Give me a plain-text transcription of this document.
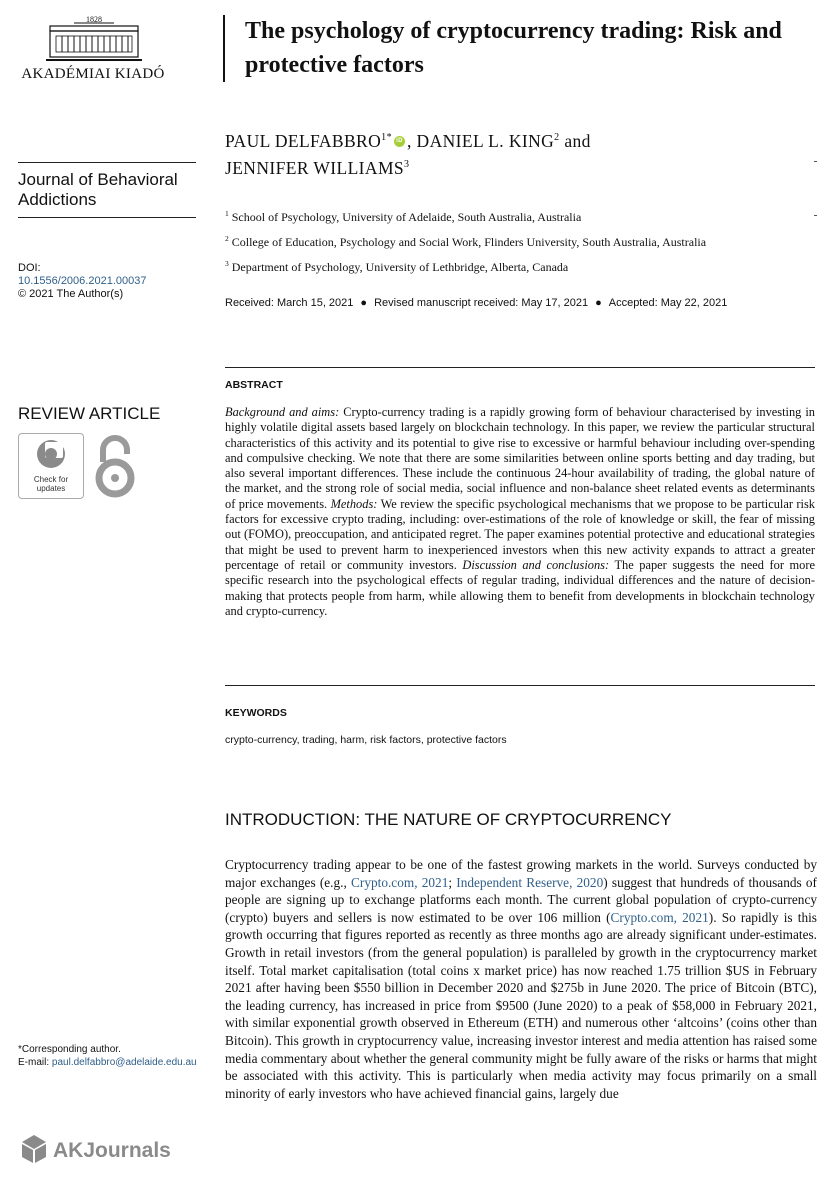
1828
AKADÉMIAI KIADÓ
Journal of Behavioral Addictions
DOI:
10.1556/2006.2021.00037
© 2021 The Author(s)
REVIEW ARTICLE
Check for
updates
*Corresponding author.
E-mail: paul.delfabbro@adelaide.edu.au
AKJournals
The psychology of cryptocurrency trading: Risk and protective factors
PAUL $DELFABBRO^{1*}$ iD , DANIEL L. KING$^2$ and
JENNIFER WILLIAMS$^3$
$^1$ School of Psychology, University of Adelaide, South Australia, Australia
$^2$ College of Education, Psychology and Social Work, Flinders University, South Australia, Australia
$^3$ Department of Psychology, University of Lethbridge, Alberta, Canada
Received: March 15, 2021 ● Revised manuscript received: May 17, 2021 ● Accepted: May 22, 2021
ABSTRACT
Background and aims: Crypto-currency trading is a rapidly growing form of behaviour characterised by investing in highly volatile digital assets based largely on blockchain technology. In this paper, we review the particular structural characteristics of this activity and its potential to give rise to excessive or harmful behaviour including over-spending and compulsive checking. We note that there are some similarities between online sports betting and day trading, but also several important differences. These include the continuous 24-hour availability of trading, the global nature of the market, and the strong role of social media, social influence and non-balance sheet related events as determinants of price movements. Methods: We review the specific psychological mechanisms that we propose to be particular risk factors for excessive crypto trading, including: over-estimations of the role of knowledge or skill, the fear of missing out (FOMO), preoccupation, and anticipated regret. The paper examines potential protective and educational strategies that might be used to prevent harm to inexperienced investors when this new activity expands to attract a greater percentage of retail or community investors. Discussion and conclusions: The paper suggests the need for more specific research into the psychological effects of regular trading, individual differences and the nature of decision-making that protects people from harm, while allowing them to benefit from developments in blockchain technology and crypto-currency.
KEYWORDS
crypto-currency, trading, harm, risk factors, protective factors
INTRODUCTION: THE NATURE OF CRYPTOCURRENCY
Cryptocurrency trading appear to be one of the fastest growing markets in the world. Surveys conducted by major exchanges (e.g., Crypto.com, 2021; Independent Reserve, 2020) suggest that hundreds of thousands of people are signing up to exchange platforms each month. The current global population of crypto-currency (crypto) buyers and sellers is now estimated to be over 106 million (Crypto.com, 2021). So rapidly is this growth occurring that figures reported as recently as three months ago are already significant under-estimates. Growth in retail investors (from the general population) is paralleled by growth in the cryptocurrency market itself. Total market capitalisation (total coins x market price) has now reached 1.75 trillion $US in February 2021 after having been $550 billion in December 2020 and $275b in June 2020. The price of Bitcoin (BTC), the leading currency, has increased in price from $9500 (June 2020) to a peak of $58,000 in February 2021, with similar exponential growth observed in Ethereum (ETH) and numerous other ‘altcoins’ (coins other than Bitcoin). This growth in cryptocurrency value, increasing investor interest and media attention has raised some media commentary about whether the general community might be fully aware of the risks or harms that might be associated with this activity. This is particularly when media activity may focus primarily on a small minority of early investors who have achieved financial gains, largely due
